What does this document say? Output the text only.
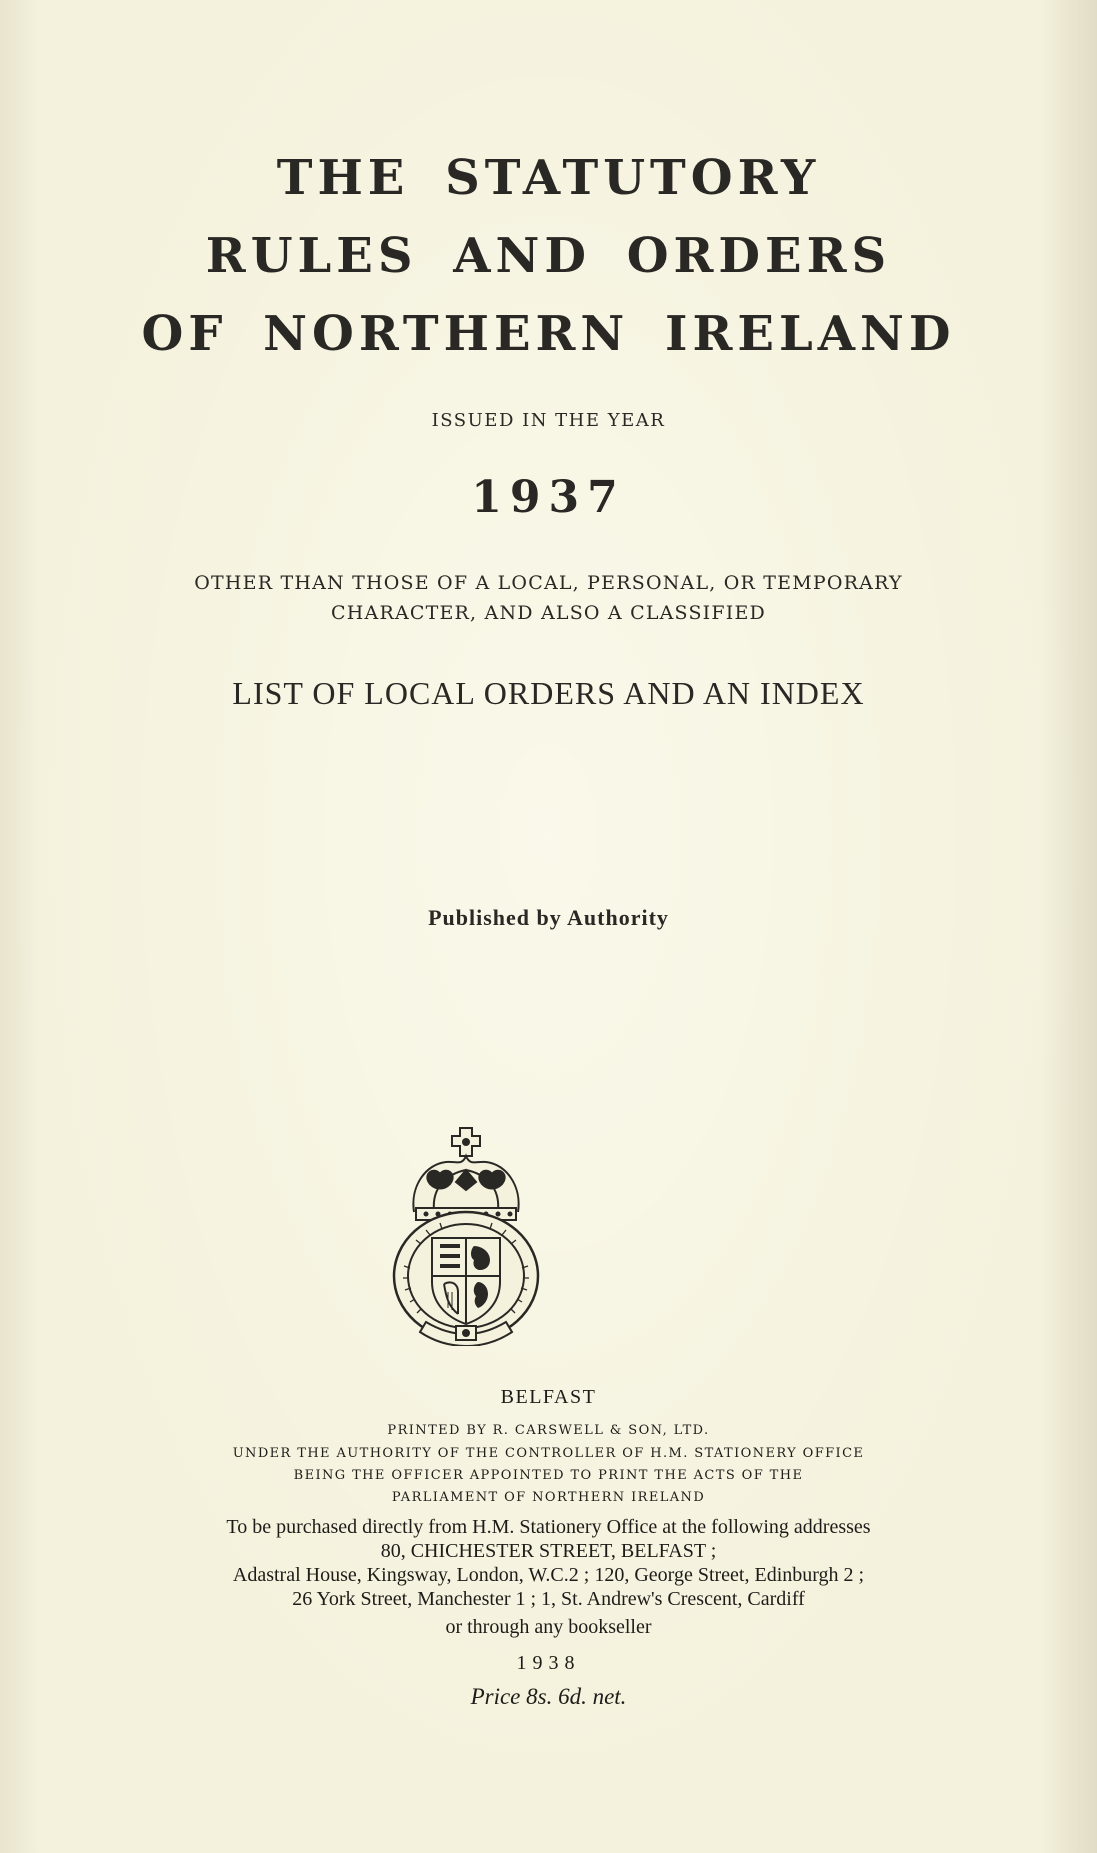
THE STATUTORY
RULES AND ORDERS
OF NORTHERN IRELAND

ISSUED IN THE YEAR

1937

OTHER THAN THOSE OF A LOCAL, PERSONAL, OR TEMPORARY

CHARACTER, AND ALSO A CLASSIFIED

LIST OF LOCAL ORDERS AND AN INDEX

Published by Authority

BELFAST

PRINTED BY R. CARSWELL & SON, LTD.

UNDER THE AUTHORITY OF THE CONTROLLER OF H.M. STATIONERY OFFICE

BEING THE OFFICER APPOINTED TO PRINT THE ACTS OF THE

PARLIAMENT OF NORTHERN IRELAND

To be purchased directly from H.M. Stationery Office at the following addresses

80, CHICHESTER STREET, BELFAST ;

Adastral House, Kingsway, London, W.C.2 ; 120, George Street, Edinburgh 2 ;

26 York Street, Manchester 1 ; 1, St. Andrew's Crescent, Cardiff

or through any bookseller

1938

Price 8s. 6d. net.
